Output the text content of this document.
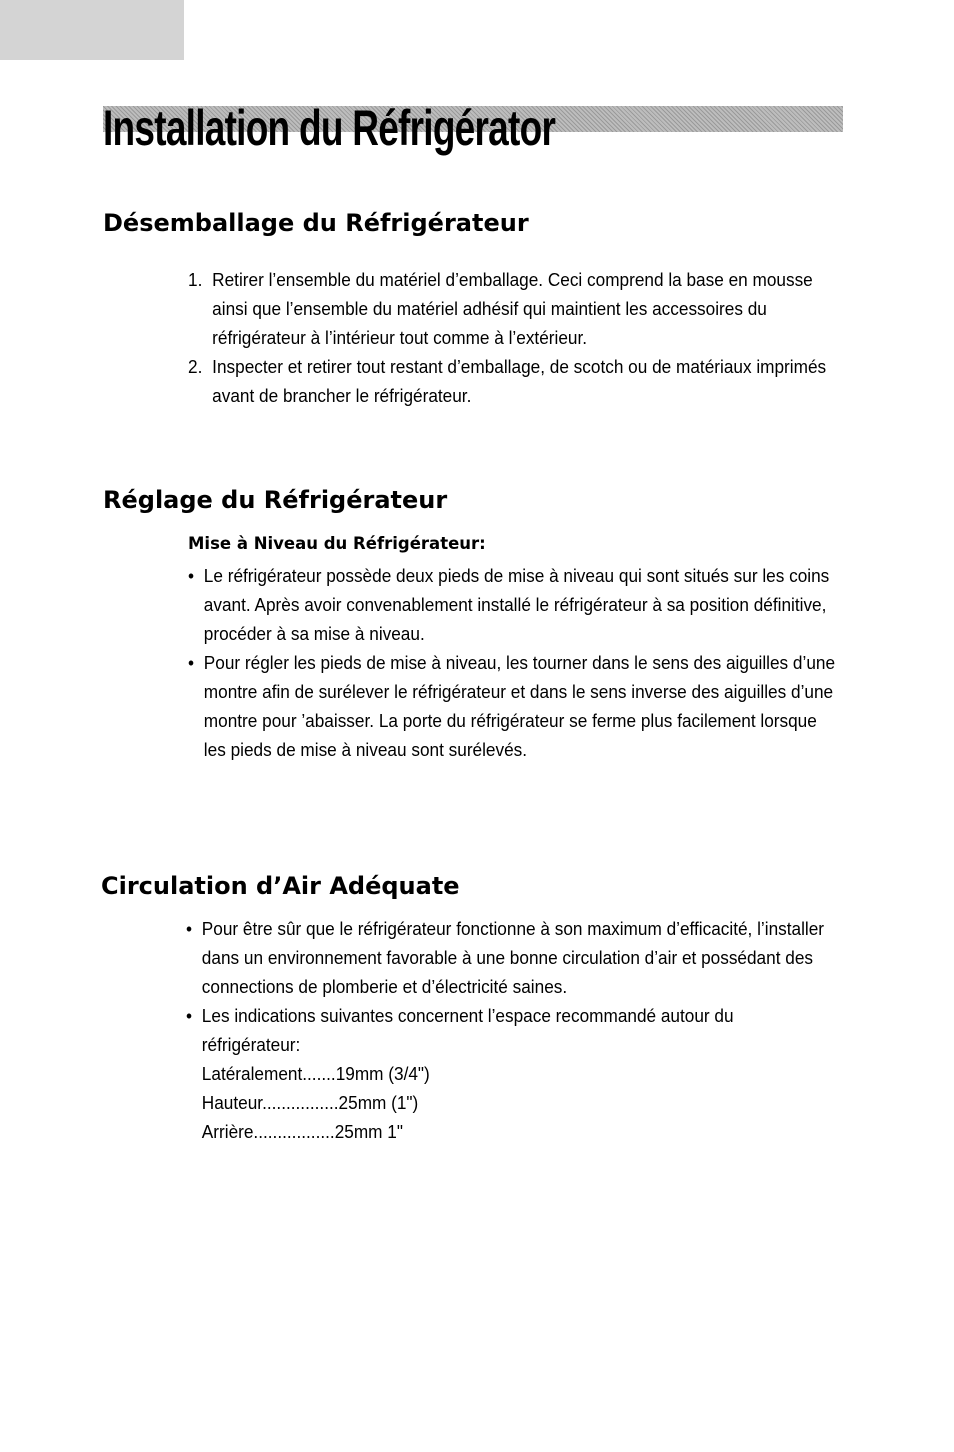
Installation du Réfrigérator
Désemballage du Réfrigérateur
1. Retirer l’ensemble du matériel d’emballage. Ceci comprend la base en mousse ainsi que l’ensemble du matériel adhésif qui maintient les accessoires du réfrigérateur à l’intérieur tout comme à l’extérieur.
2. Inspecter et retirer tout restant d’emballage, de scotch ou de matériaux imprimés avant de brancher le réfrigérateur.
Réglage du Réfrigérateur
Mise à Niveau du Réfrigérateur:
• Le réfrigérateur possède deux pieds de mise à niveau qui sont situés sur les coins avant. Après avoir convenablement installé le réfrigérateur à sa position définitive, procéder à sa mise à niveau.
• Pour régler les pieds de mise à niveau, les tourner dans le sens des aiguilles d’une montre afin de surélever le réfrigérateur et dans le sens inverse des aiguilles d’une montre pour ’abaisser. La porte du réfrigérateur se ferme plus facilement lorsque les pieds de mise à niveau sont surélevés.
Circulation d’Air Adéquate
• Pour être sûr que le réfrigérateur fonctionne à son maximum d’efficacité, l’installer dans un environnement favorable à une bonne circulation d’air et possédant des connections de plomberie et d’électricité saines.
• Les indications suivantes concernent l’espace recommandé autour du réfrigérateur:
Latéralement.......19mm (3/4")
Hauteur................25mm (1")
Arrière.................25mm 1"
